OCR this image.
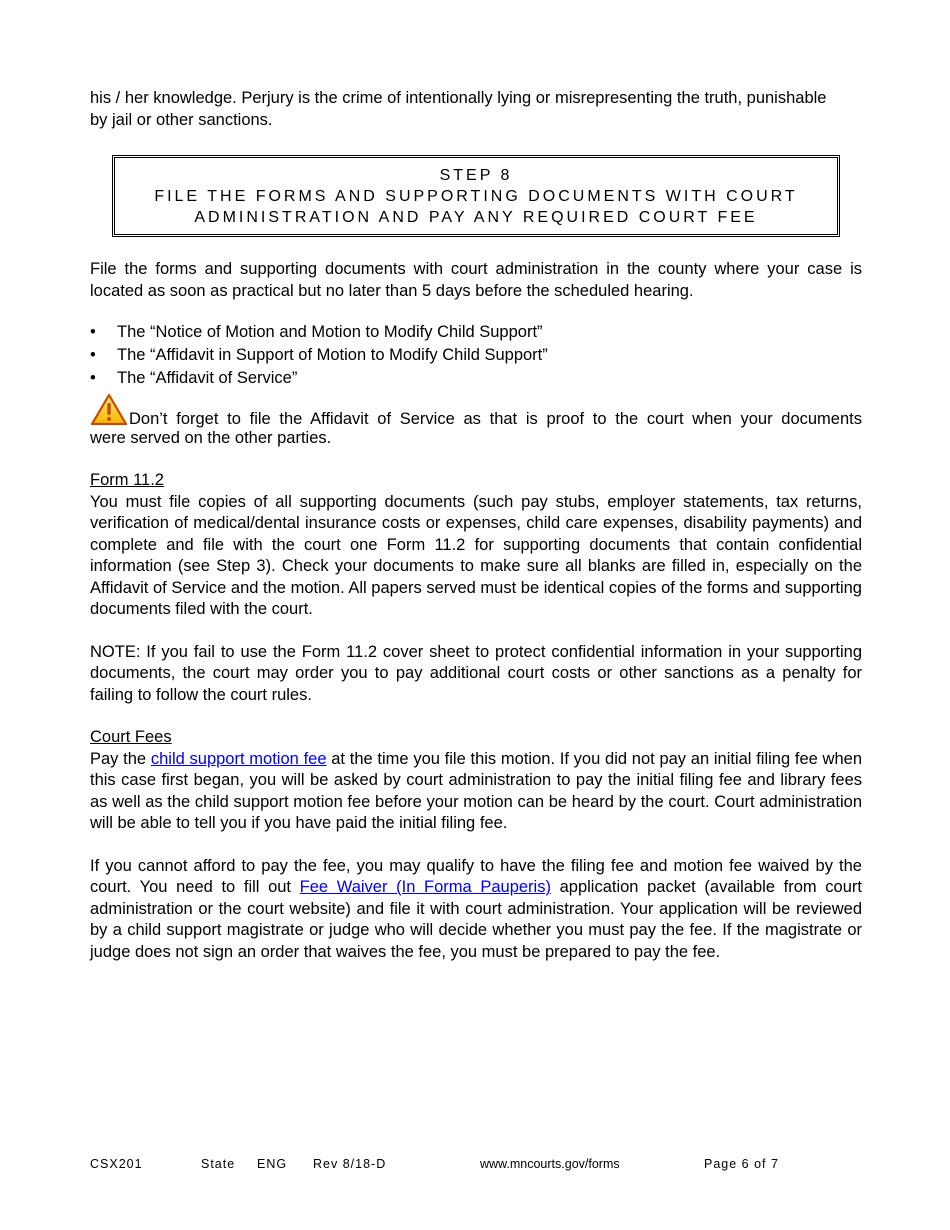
his / her knowledge. Perjury is the crime of intentionally lying or misrepresenting the truth, punishable

by jail or other sanctions.

STEP 8
FILE THE FORMS AND SUPPORTING DOCUMENTS WITH COURT
ADMINISTRATION AND PAY ANY REQUIRED COURT FEE

File the forms and supporting documents with court administration in the county where your case is located as soon as practical but no later than 5 days before the scheduled hearing.

• The “Notice of Motion and Motion to Modify Child Support”
• The “Affidavit in Support of Motion to Modify Child Support”
• The “Affidavit of Service”

Don’t forget to file the Affidavit of Service as that is proof to the court when your documents

were served on the other parties.

Form 11.2

You must file copies of all supporting documents (such pay stubs, employer statements, tax returns, verification of medical/dental insurance costs or expenses, child care expenses, disability payments) and complete and file with the court one Form 11.2 for supporting documents that contain confidential information (see Step 3). Check your documents to make sure all blanks are filled in, especially on the Affidavit of Service and the motion. All papers served must be identical copies of the forms and supporting documents filed with the court.

NOTE: If you fail to use the Form 11.2 cover sheet to protect confidential information in your supporting documents, the court may order you to pay additional court costs or other sanctions as a penalty for failing to follow the court rules.

Court Fees

Pay the child support motion fee at the time you file this motion. If you did not pay an initial filing fee when this case first began, you will be asked by court administration to pay the initial filing fee and library fees as well as the child support motion fee before your motion can be heard by the court. Court administration will be able to tell you if you have paid the initial filing fee.

If you cannot afford to pay the fee, you may qualify to have the filing fee and motion fee waived by the court. You need to fill out Fee Waiver (In Forma Pauperis) application packet (available from court administration or the court website) and file it with court administration. Your application will be reviewed by a child support magistrate or judge who will decide whether you must pay the fee. If the magistrate or judge does not sign an order that waives the fee, you must be prepared to pay the fee.

CSX201	State ENG Rev 8/18-D	www.mncourts.gov/forms	Page 6 of 7
